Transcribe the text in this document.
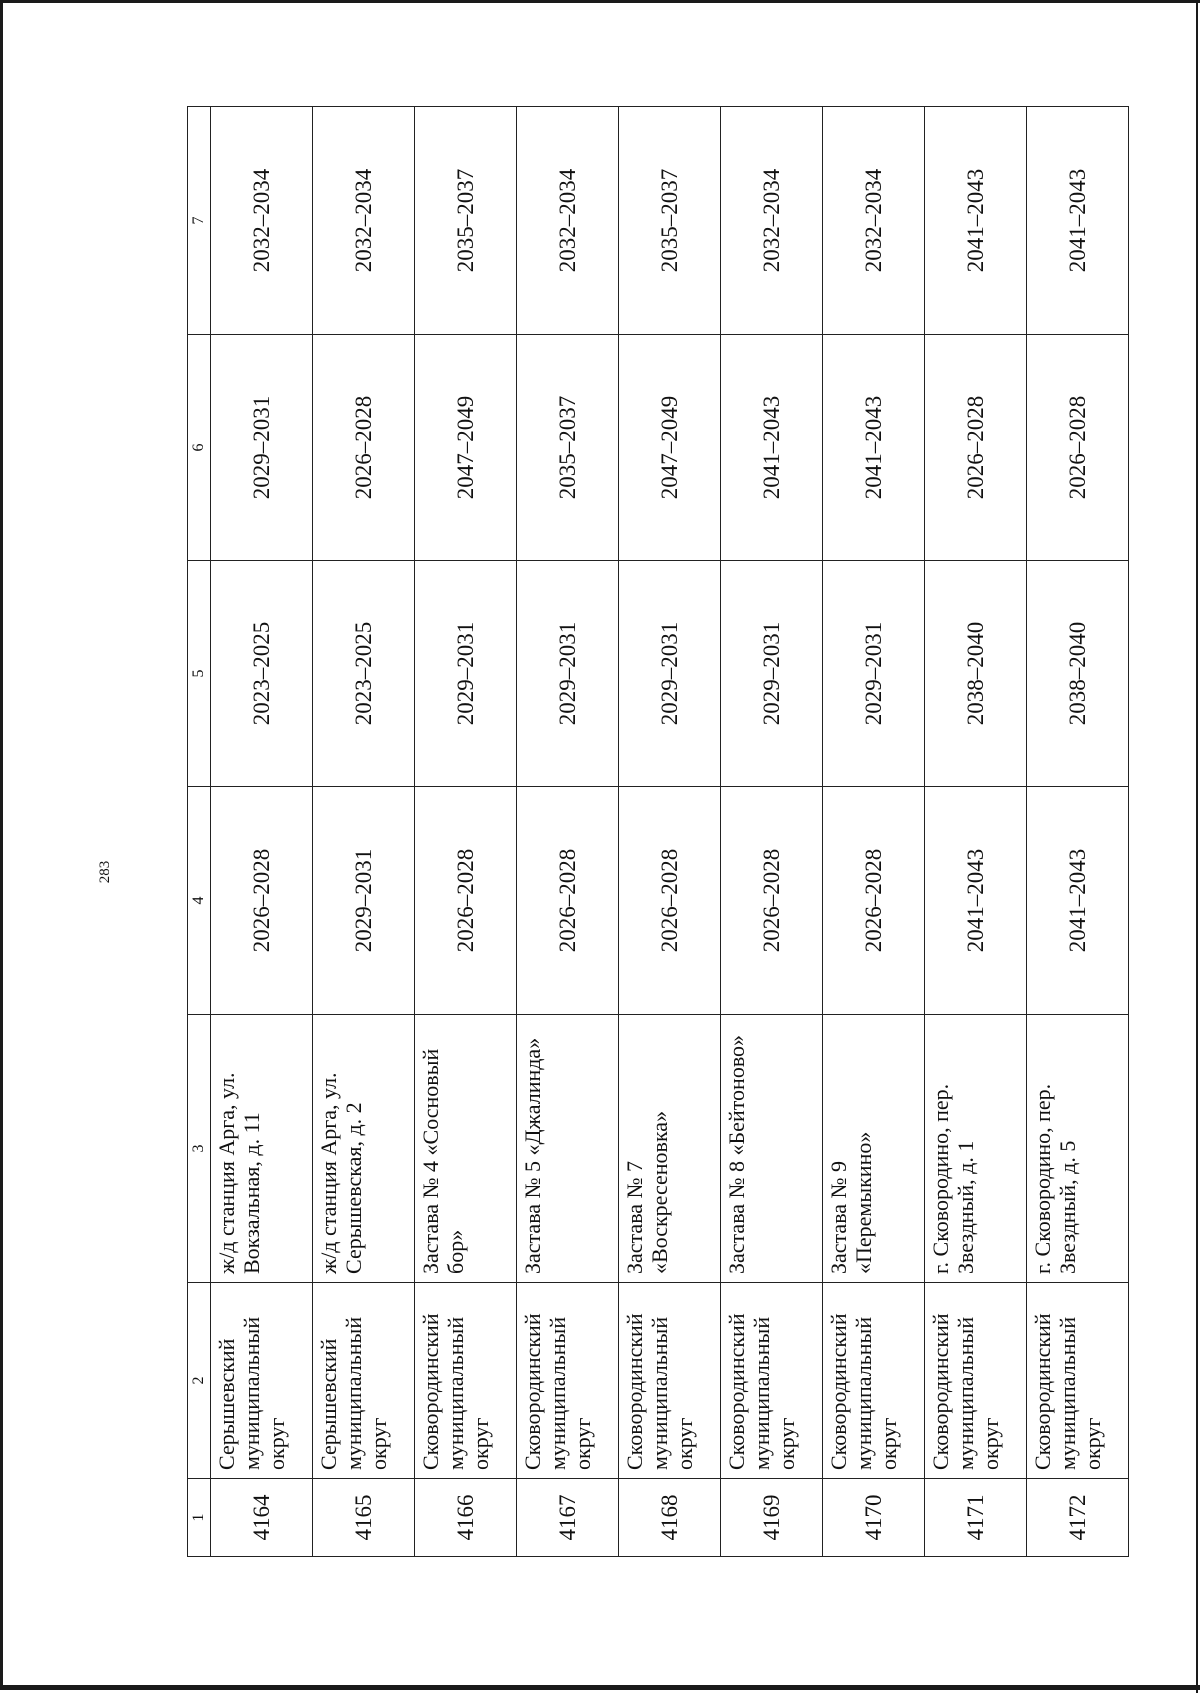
283
1	2	3	4	5	6	7
4164	Серышевский муниципальный округ	ж/д станция Арга, ул. Вокзальная, д. 11	2026–2028	2023–2025	2029–2031	2032–2034
4165	Серышевский муниципальный округ	ж/д станция Арга, ул. Серышевская, д. 2	2029–2031	2023–2025	2026–2028	2032–2034
4166	Сковородинский муниципальный округ	Застава № 4 «Сосновый бор»	2026–2028	2029–2031	2047–2049	2035–2037
4167	Сковородинский муниципальный округ	Застава № 5 «Джалинда»	2026–2028	2029–2031	2035–2037	2032–2034
4168	Сковородинский муниципальный округ	Застава № 7 «Воскресеновка»	2026–2028	2029–2031	2047–2049	2035–2037
4169	Сковородинский муниципальный округ	Застава № 8 «Бейтоново»	2026–2028	2029–2031	2041–2043	2032–2034
4170	Сковородинский муниципальный округ	Застава № 9 «Перемыкино»	2026–2028	2029–2031	2041–2043	2032–2034
4171	Сковородинский муниципальный округ	г. Сковородино, пер. Звездный, д. 1	2041–2043	2038–2040	2026–2028	2041–2043
4172	Сковородинский муниципальный округ	г. Сковородино, пер. Звездный, д. 5	2041–2043	2038–2040	2026–2028	2041–2043
